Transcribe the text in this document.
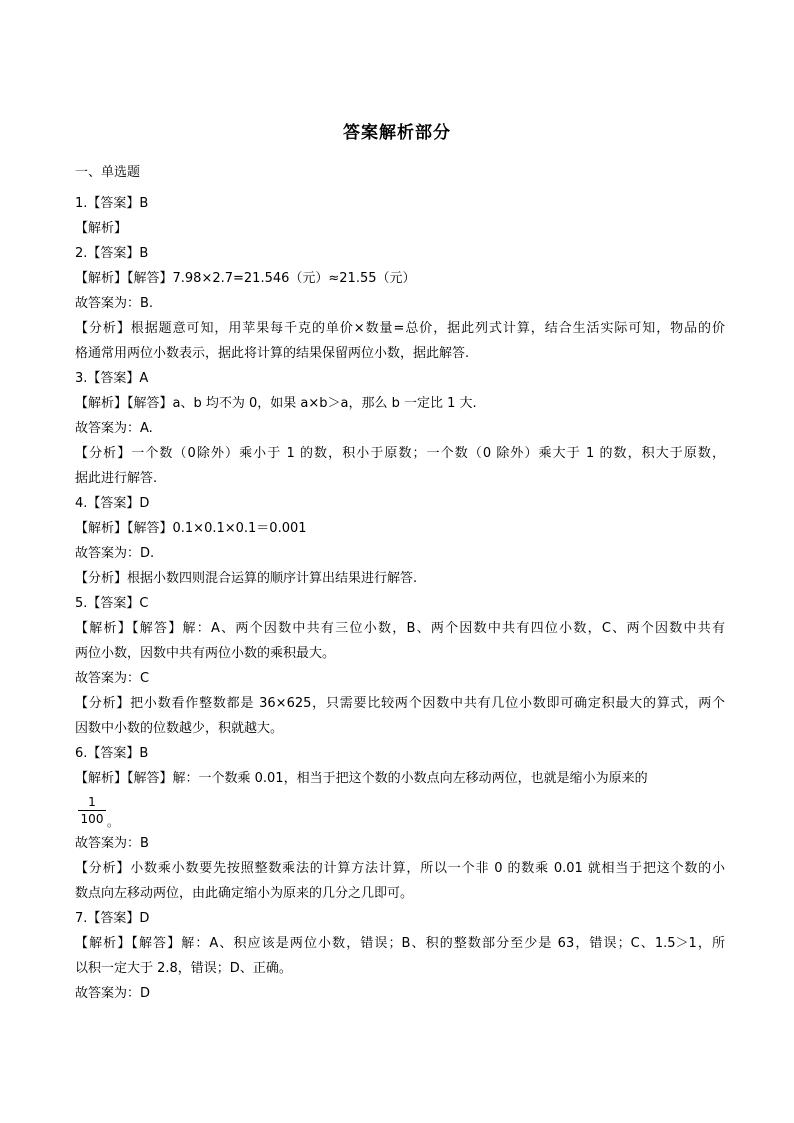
答案解析部分
一、单选题
1.【答案】B
【解析】
2.【答案】B
【解析】【解答】7.98×2.7=21.546（元）≈21.55（元）
故答案为：B.
【分析】根据题意可知，用苹果每千克的单价×数量=总价，据此列式计算，结合生活实际可知，物品的价
格通常用两位小数表示，据此将计算的结果保留两位小数，据此解答.
3.【答案】A
【解析】【解答】a、b 均不为 0，如果 a×b＞a，那么 b 一定比 1 大.
故答案为：A.
【分析】一个数（0除外）乘小于 1 的数，积小于原数；一个数（0 除外）乘大于 1 的数，积大于原数，
据此进行解答.
4.【答案】D
【解析】【解答】0.1×0.1×0.1＝0.001
故答案为：D.
【分析】根据小数四则混合运算的顺序计算出结果进行解答.
5.【答案】C
【解析】【解答】解：A、两个因数中共有三位小数，B、两个因数中共有四位小数，C、两个因数中共有
两位小数，因数中共有两位小数的乘积最大。
故答案为：C
【分析】把小数看作整数都是 36×625，只需要比较两个因数中共有几位小数即可确定积最大的算式，两个
因数中小数的位数越少，积就越大。
6.【答案】B
【解析】【解答】解：一个数乘 0.01，相当于把这个数的小数点向左移动两位，也就是缩小为原来的
1
100 。
故答案为：B
【分析】小数乘小数要先按照整数乘法的计算方法计算，所以一个非 0 的数乘 0.01 就相当于把这个数的小
数点向左移动两位，由此确定缩小为原来的几分之几即可。
7.【答案】D
【解析】【解答】解：A、积应该是两位小数，错误；B、积的整数部分至少是 63，错误；C、1.5＞1，所
以积一定大于 2.8，错误；D、正确。
故答案为：D
